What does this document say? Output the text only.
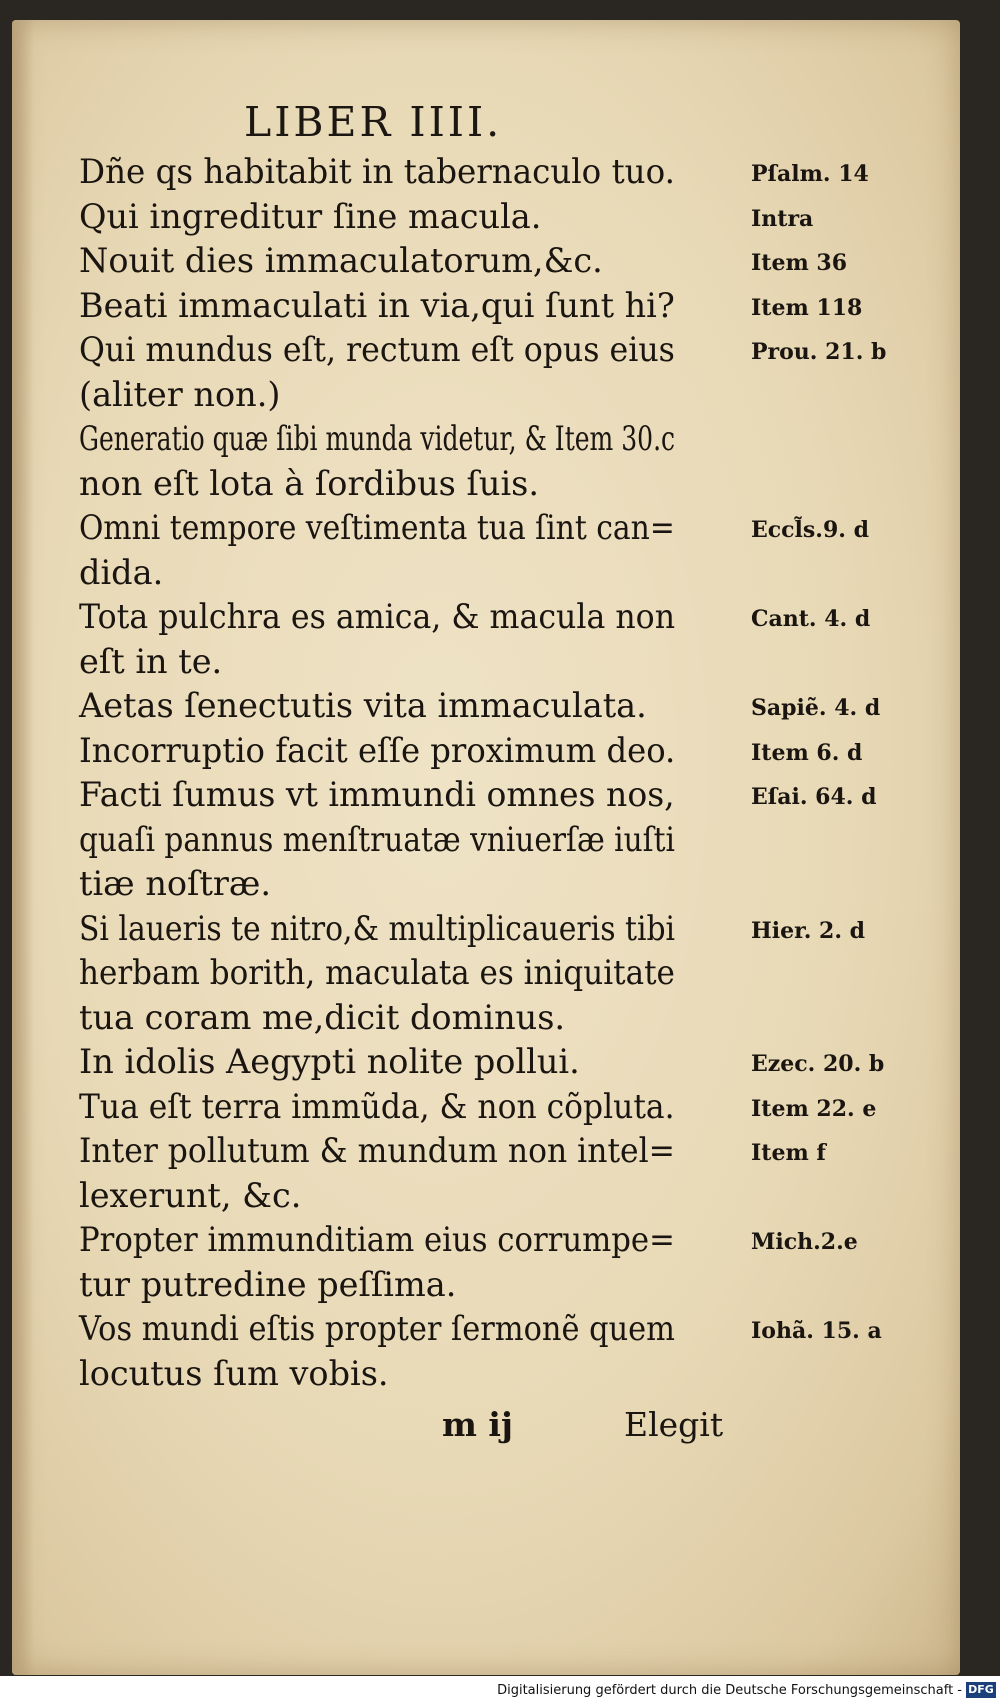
LIBER IIII.
Dñe qs habitabit in tabernaculo tuo.	Pſalm. 14
Qui ingreditur ſine macula.	Intra
Nouit dies immaculatorum,&c.	Item 36
Beati immaculati in via,qui ſunt hi?	Item 118
Qui mundus eſt, rectum eſt opus eius	Prou. 21. b
(aliter non.)
Generatio quæ ſibi munda videtur, & Item 30.c
non eſt lota à ſordibus ſuis.
Omni tempore veſtimenta tua ſint can=	Eccl̃s.9. d
dida.
Tota pulchra es amica, & macula non	Cant. 4. d
eſt in te.
Aetas ſenectutis vita immaculata.	Sapiẽ. 4. d
Incorruptio facit eſſe proximum deo.	Item 6. d
Facti ſumus vt immundi omnes nos,	Eſai. 64. d
quaſi pannus menſtruatæ vniuerſæ iuſti
tiæ noſtræ.
Si laueris te nitro,& multiplicaueris tibi	Hier. 2. d
herbam borith, maculata es iniquitate
tua coram me,dicit dominus.
In idolis Aegypti nolite pollui.	Ezec. 20. b
Tua eſt terra immũda, & non cõpluta.	Item 22. e
Inter pollutum & mundum non intel=	Item f
lexerunt, &c.
Propter immunditiam eius corrumpe=	Mich.2.e
tur putredine peſſima.
Vos mundi eſtis propter ſermonẽ quem	Iohã. 15. a
locutus ſum vobis.
m ij	Elegit
Digitalisierung gefördert durch die Deutsche Forschungsgemeinschaft - DFG
